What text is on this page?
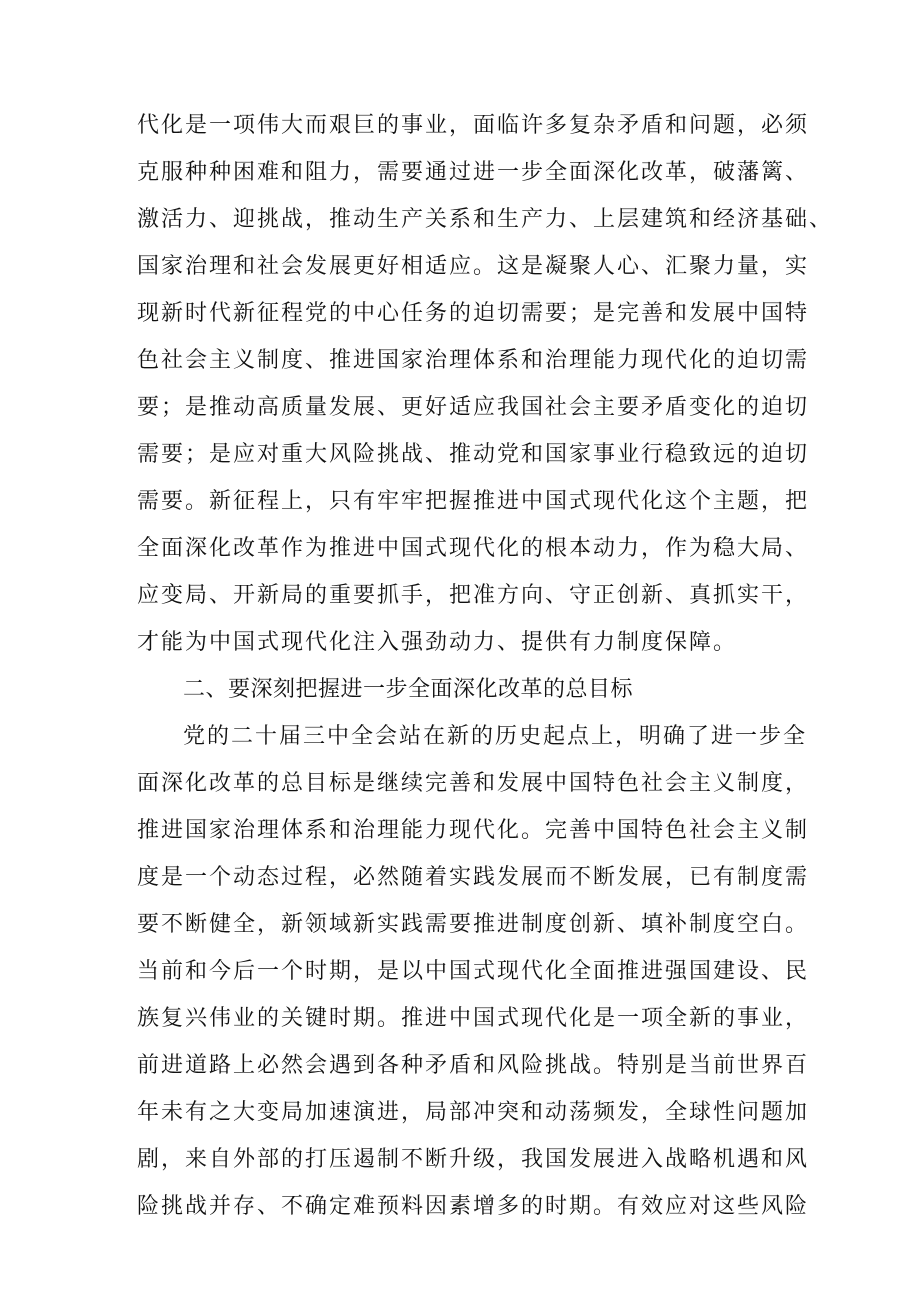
代化是一项伟大而艰巨的事业，面临许多复杂矛盾和问题，必须
克服种种困难和阻力，需要通过进一步全面深化改革，破藩篱、
激活力、迎挑战，推动生产关系和生产力、上层建筑和经济基础、
国家治理和社会发展更好相适应。这是凝聚人心、汇聚力量，实
现新时代新征程党的中心任务的迫切需要；是完善和发展中国特
色社会主义制度、推进国家治理体系和治理能力现代化的迫切需
要；是推动高质量发展、更好适应我国社会主要矛盾变化的迫切
需要；是应对重大风险挑战、推动党和国家事业行稳致远的迫切
需要。新征程上，只有牢牢把握推进中国式现代化这个主题，把
全面深化改革作为推进中国式现代化的根本动力，作为稳大局、
应变局、开新局的重要抓手，把准方向、守正创新、真抓实干，
才能为中国式现代化注入强劲动力、提供有力制度保障。
二、要深刻把握进一步全面深化改革的总目标
党的二十届三中全会站在新的历史起点上，明确了进一步全
面深化改革的总目标是继续完善和发展中国特色社会主义制度，
推进国家治理体系和治理能力现代化。完善中国特色社会主义制
度是一个动态过程，必然随着实践发展而不断发展，已有制度需
要不断健全，新领域新实践需要推进制度创新、填补制度空白。
当前和今后一个时期，是以中国式现代化全面推进强国建设、民
族复兴伟业的关键时期。推进中国式现代化是一项全新的事业，
前进道路上必然会遇到各种矛盾和风险挑战。特别是当前世界百
年未有之大变局加速演进，局部冲突和动荡频发，全球性问题加
剧，来自外部的打压遏制不断升级，我国发展进入战略机遇和风
险挑战并存、不确定难预料因素增多的时期。有效应对这些风险
